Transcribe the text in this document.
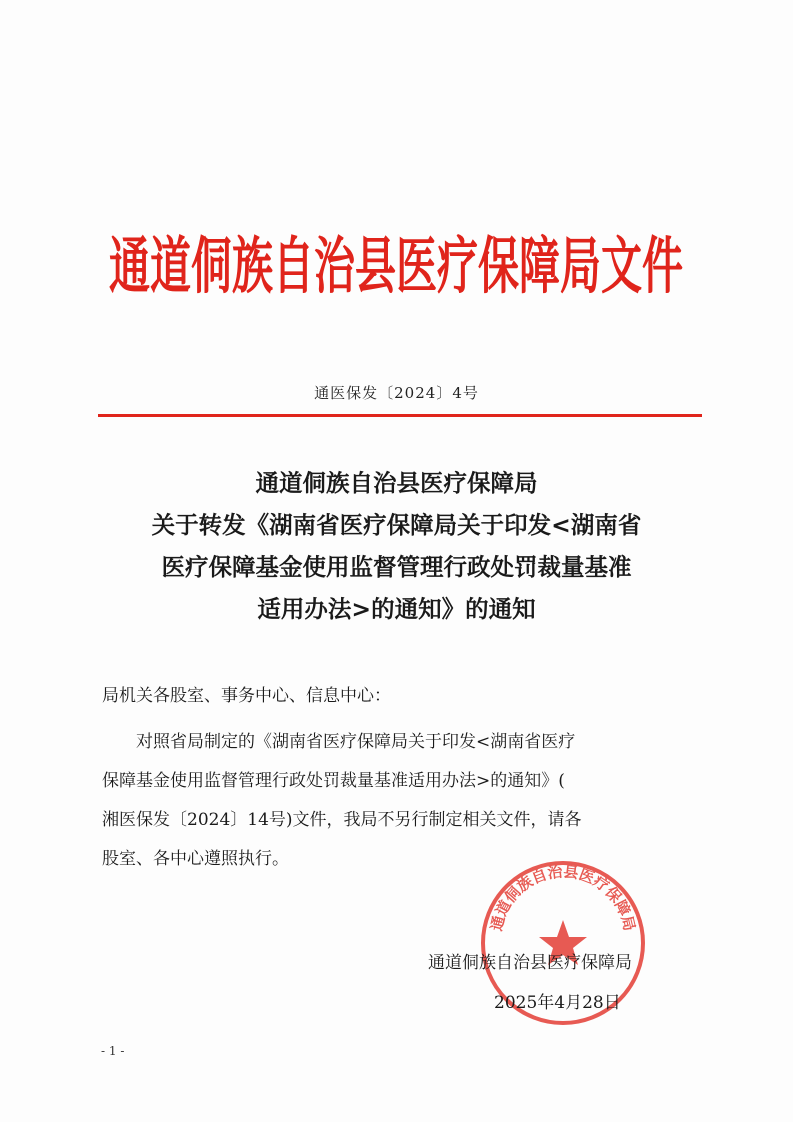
通道侗族自治县医疗保障局文件
通医保发〔2024〕4号
通道侗族自治县医疗保障局
关于转发《湖南省医疗保障局关于印发<湖南省
医疗保障基金使用监督管理行政处罚裁量基准
适用办法>的通知》的通知
局机关各股室、事务中心、信息中心：
对照省局制定的《湖南省医疗保障局关于印发<湖南省医疗
保障基金使用监督管理行政处罚裁量基准适用办法>的通知》(
湘医保发〔2024〕14号)文件，我局不另行制定相关文件，请各
股室、各中心遵照执行。
通道侗族自治县医疗保障局
通道侗族自治县医疗保障局
2025年4月28日
- 1 -
